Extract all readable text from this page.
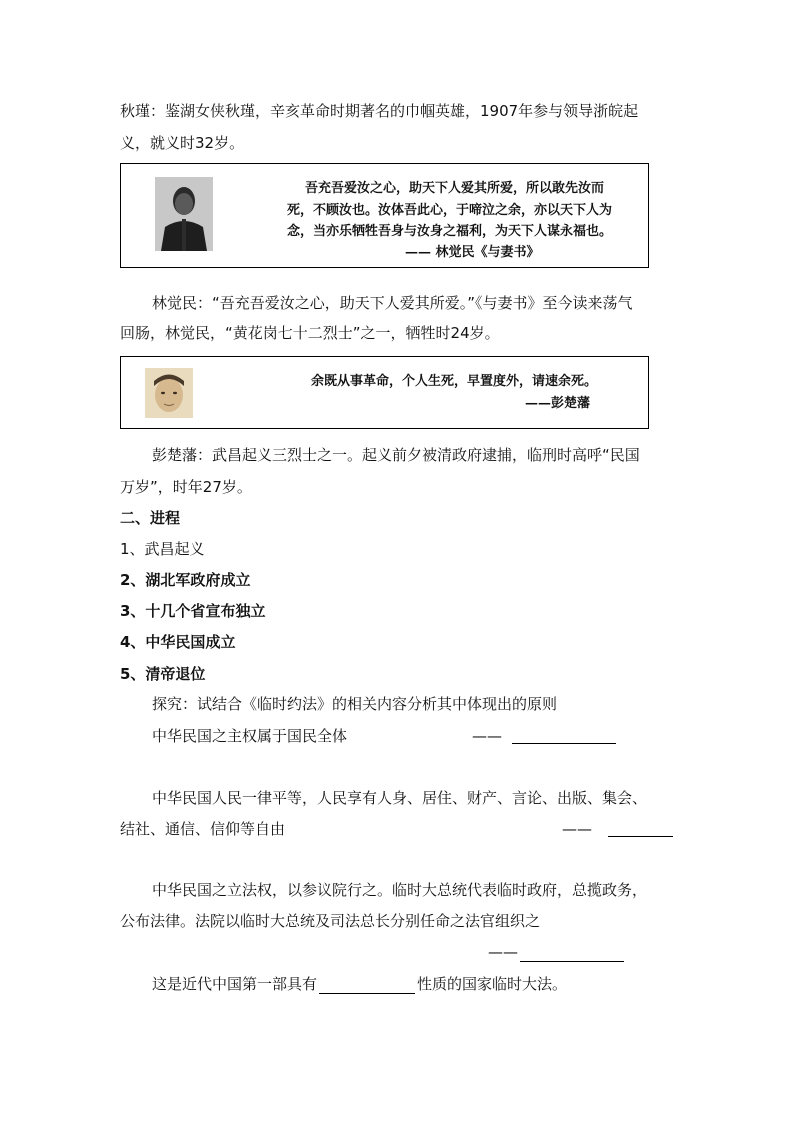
秋瑾：鉴湖女侠秋瑾，辛亥革命时期著名的巾帼英雄，1907年参与领导浙皖起
义，就义时32岁。
吾充吾爱汝之心，助天下人爱其所爱，所以敢先汝而
死，不顾汝也。汝体吾此心，于啼泣之余，亦以天下人为
念，当亦乐牺牲吾身与汝身之福利，为天下人谋永福也。
—— 林觉民《与妻书》
林觉民：“吾充吾爱汝之心，助天下人爱其所爱。”《与妻书》至今读来荡气
回肠，林觉民，“黄花岗七十二烈士”之一，牺牲时24岁。
余既从事革命，个人生死，早置度外，请速余死。
——彭楚藩
彭楚藩：武昌起义三烈士之一。起义前夕被清政府逮捕，临刑时高呼“民国
万岁”，时年27岁。
二、进程
1、武昌起义
2、湖北军政府成立
3、十几个省宣布独立
4、中华民国成立
5、清帝退位
探究：试结合《临时约法》的相关内容分析其中体现出的原则
中华民国之主权属于国民全体	——
中华民国人民一律平等，人民享有人身、居住、财产、言论、出版、集会、
结社、通信、信仰等自由	——
中华民国之立法权，以参议院行之。临时大总统代表临时政府，总揽政务，
公布法律。法院以临时大总统及司法总长分别任命之法官组织之
——
这是近代中国第一部具有	性质的国家临时大法。
